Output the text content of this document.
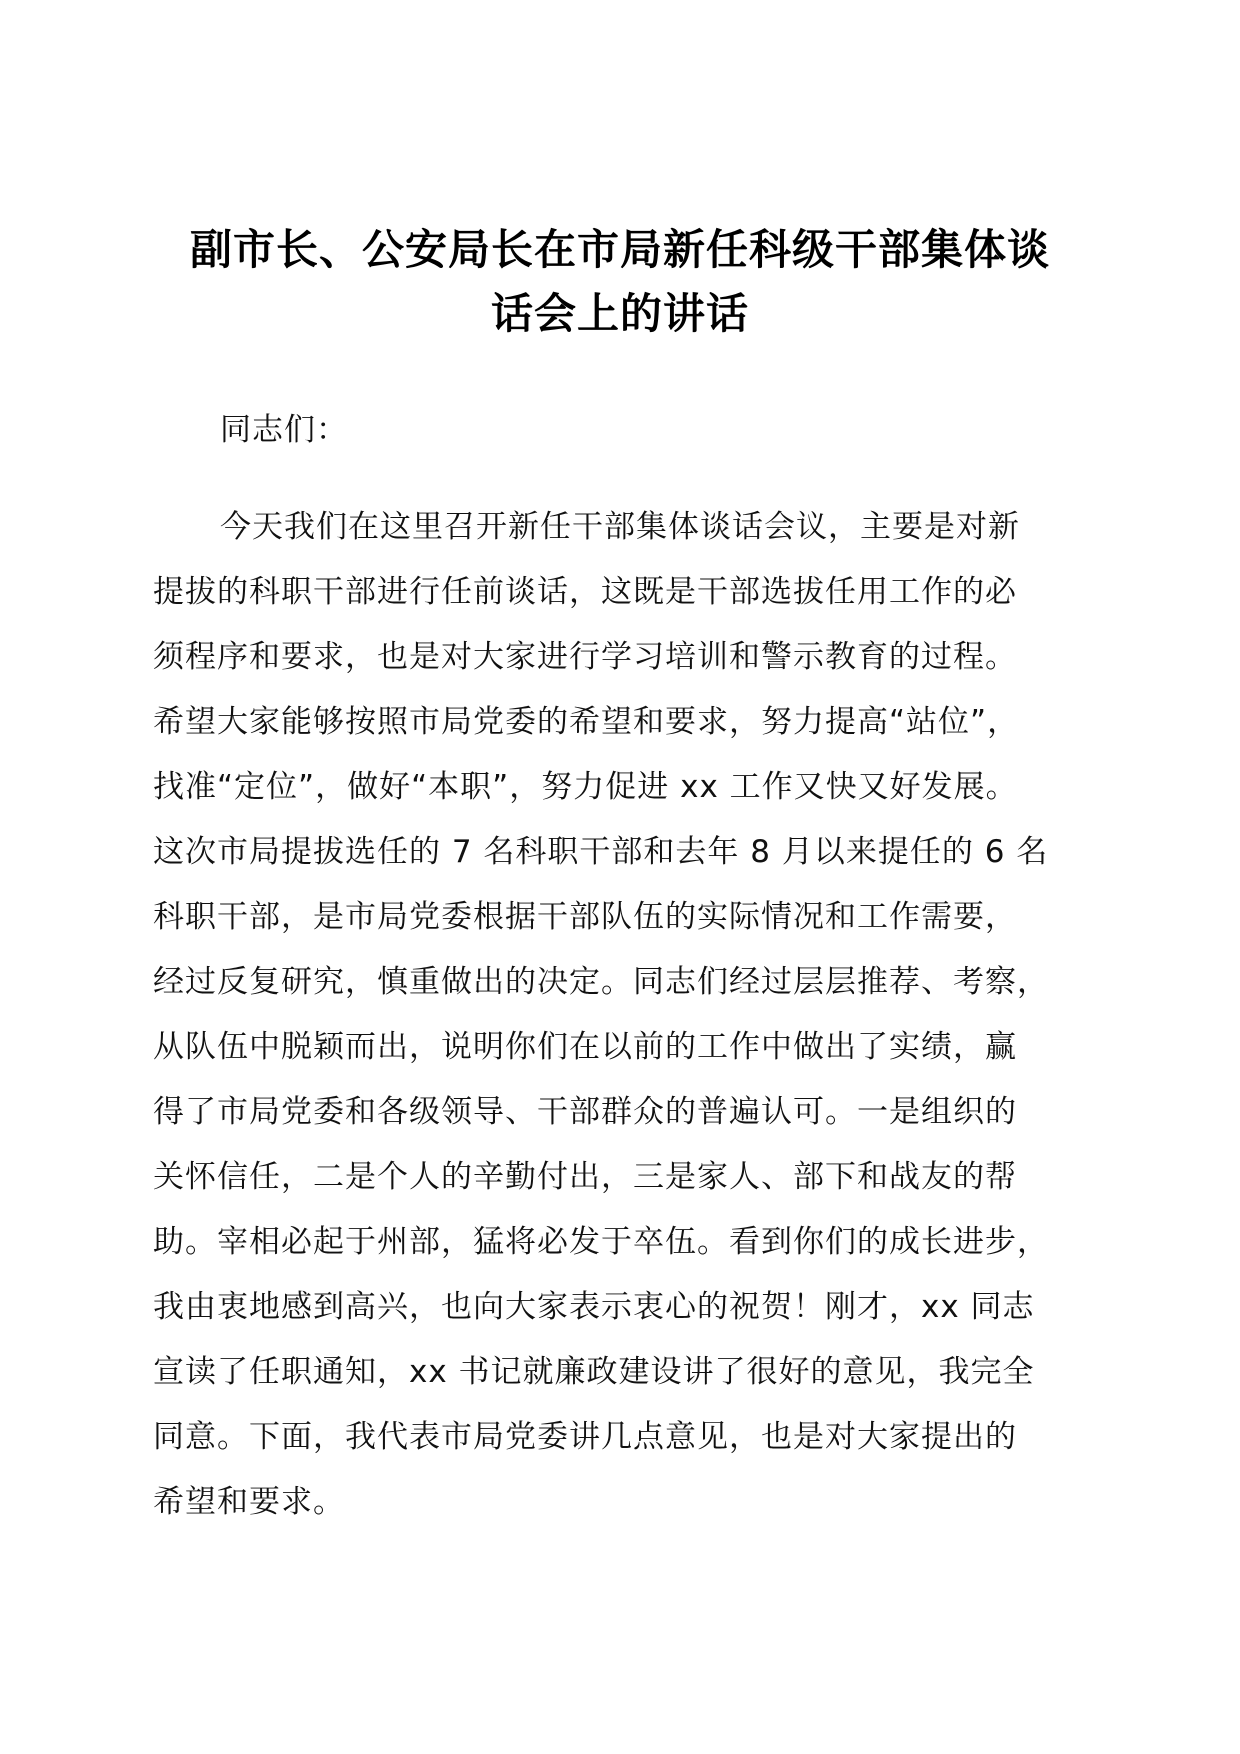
副市长、公安局长在市局新任科级干部集体谈
话会上的讲话
同志们：
今天我们在这里召开新任干部集体谈话会议，主要是对新
提拔的科职干部进行任前谈话，这既是干部选拔任用工作的必
须程序和要求，也是对大家进行学习培训和警示教育的过程。
希望大家能够按照市局党委的希望和要求，努力提高“站位”，
找准“定位”，做好“本职”，努力促进 xx 工作又快又好发展。
这次市局提拔选任的 7 名科职干部和去年 8 月以来提任的 6 名
科职干部，是市局党委根据干部队伍的实际情况和工作需要，
经过反复研究，慎重做出的决定。同志们经过层层推荐、考察，
从队伍中脱颖而出，说明你们在以前的工作中做出了实绩，赢
得了市局党委和各级领导、干部群众的普遍认可。一是组织的
关怀信任，二是个人的辛勤付出，三是家人、部下和战友的帮
助。宰相必起于州部，猛将必发于卒伍。看到你们的成长进步，
我由衷地感到高兴，也向大家表示衷心的祝贺！刚才，xx 同志
宣读了任职通知，xx 书记就廉政建设讲了很好的意见，我完全
同意。下面，我代表市局党委讲几点意见，也是对大家提出的
希望和要求。
